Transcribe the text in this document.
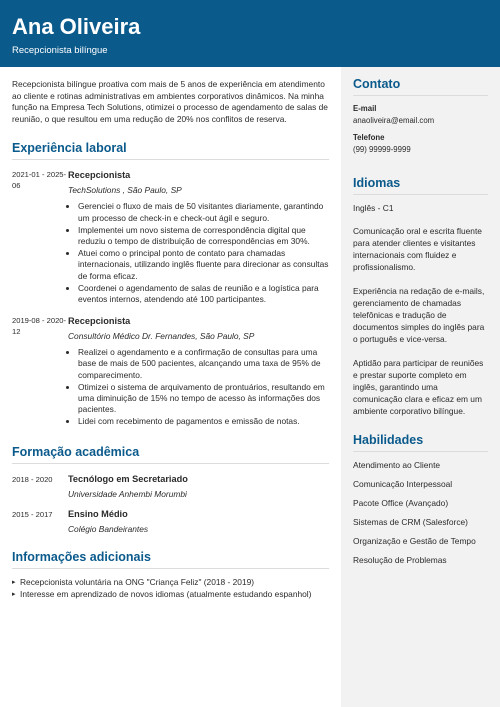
Ana Oliveira
Recepcionista bilíngue

Recepcionista bilíngue proativa com mais de 5 anos de experiência em atendimento ao cliente e rotinas administrativas em ambientes corporativos dinâmicos. Na minha função na Empresa Tech Solutions, otimizei o processo de agendamento de salas de reunião, o que resultou em uma redução de 20% nos conflitos de reserva.

Experiência laboral
2021-01 - 2025-06
Recepcionista
TechSolutions , São Paulo, SP
• Gerenciei o fluxo de mais de 50 visitantes diariamente, garantindo um processo de check-in e check-out ágil e seguro.
• Implementei um novo sistema de correspondência digital que reduziu o tempo de distribuição de correspondências em 30%.
• Atuei como o principal ponto de contato para chamadas internacionais, utilizando inglês fluente para direcionar as consultas de forma eficaz.
• Coordenei o agendamento de salas de reunião e a logística para eventos internos, atendendo até 100 participantes.
2019-08 - 2020-12
Recepcionista
Consultório Médico Dr. Fernandes, São Paulo, SP
• Realizei o agendamento e a confirmação de consultas para uma base de mais de 500 pacientes, alcançando uma taxa de 95% de comparecimento.
• Otimizei o sistema de arquivamento de prontuários, resultando em uma diminuição de 15% no tempo de acesso às informações dos pacientes.
• Lidei com recebimento de pagamentos e emissão de notas.
Formação acadêmica
2018 - 2020	Tecnólogo em Secretariado
Universidade Anhembi Morumbi
2015 - 2017	Ensino Médio
Colégio Bandeirantes
Informações adicionais
▸ Recepcionista voluntária na ONG "Criança Feliz" (2018 - 2019)
▸ Interesse em aprendizado de novos idiomas (atualmente estudando espanhol)
Contato
E-mail
anaoliveira@email.com
Telefone
(99) 99999-9999
Idiomas
Inglês - C1
Comunicação oral e escrita fluente para atender clientes e visitantes internacionais com fluidez e profissionalismo.
Experiência na redação de e-mails, gerenciamento de chamadas telefônicas e tradução de documentos simples do inglês para o português e vice-versa.
Aptidão para participar de reuniões e prestar suporte completo em inglês, garantindo uma comunicação clara e eficaz em um ambiente corporativo bilíngue.
Habilidades
Atendimento ao Cliente
Comunicação Interpessoal
Pacote Office (Avançado)
Sistemas de CRM (Salesforce)
Organização e Gestão de Tempo
Resolução de Problemas
